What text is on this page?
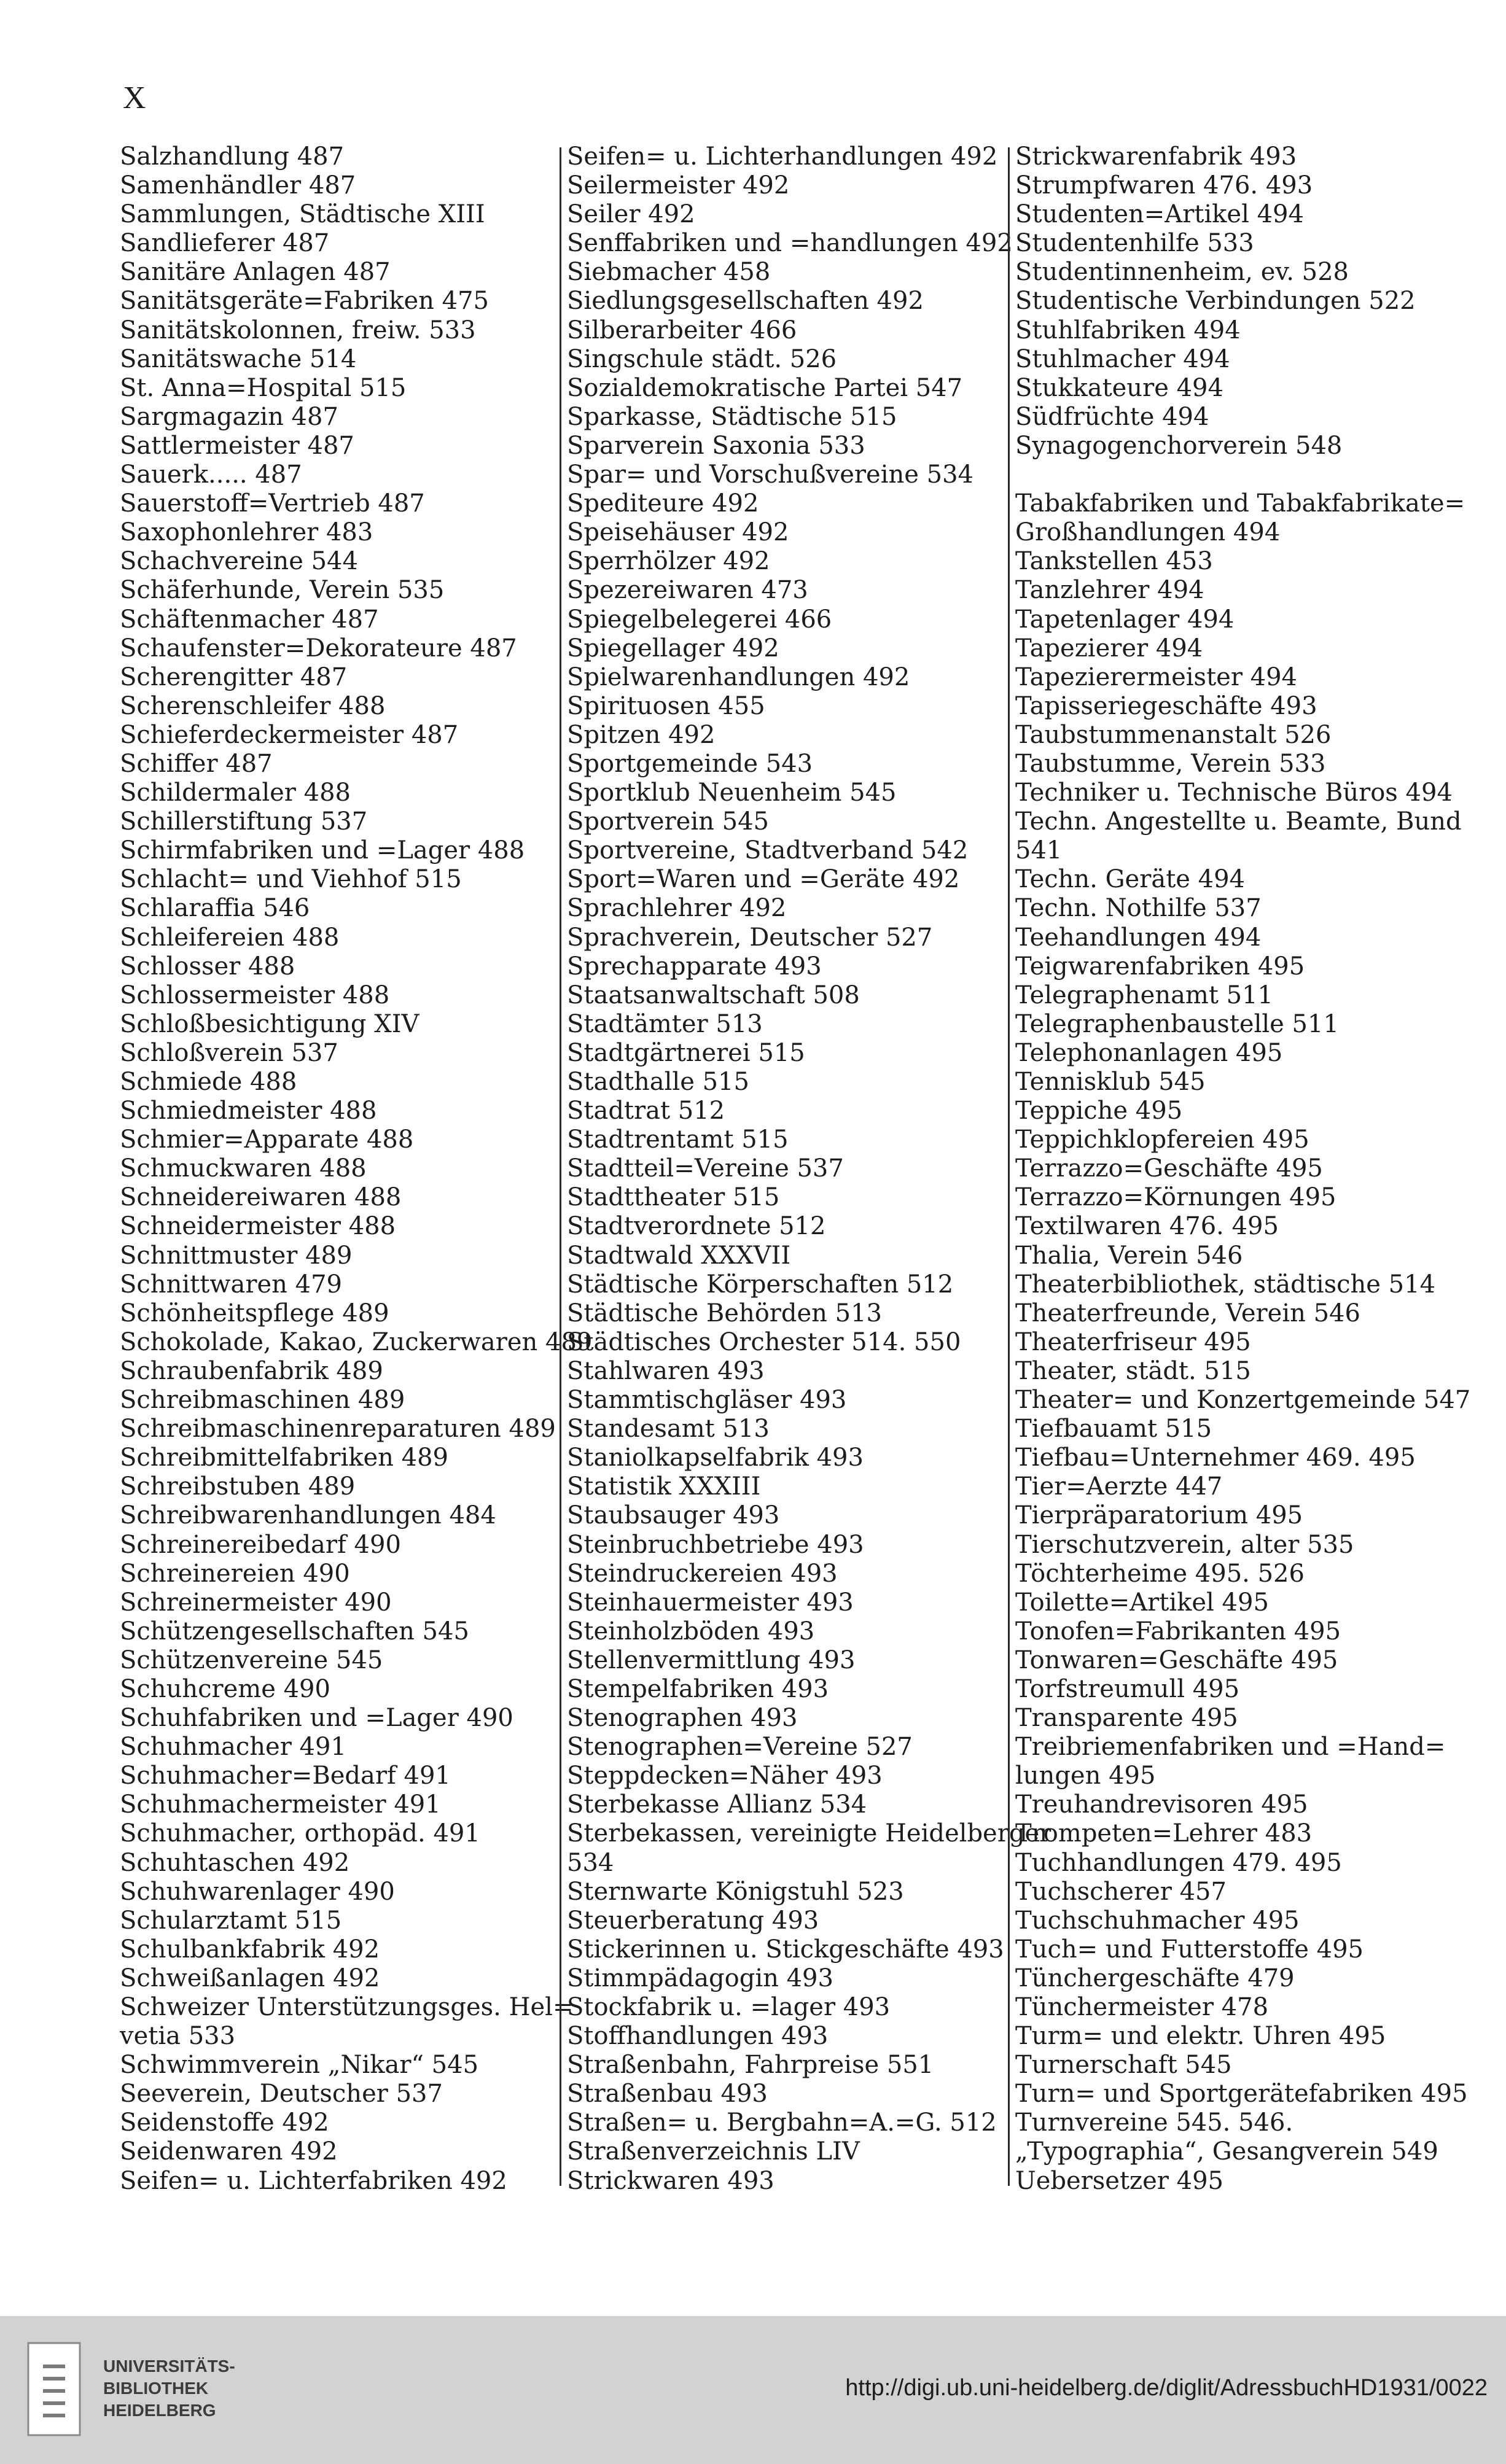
X
Salzhandlung 487
Samenhändler 487
Sammlungen, Städtische XIII
Sandlieferer 487
Sanitäre Anlagen 487
Sanitätsgeräte=Fabriken 475
Sanitätskolonnen, freiw. 533
Sanitätswache 514
St. Anna=Hospital 515
Sargmagazin 487
Sattlermeister 487
Sauerk..... 487
Sauerstoff=Vertrieb 487
Saxophonlehrer 483
Schachvereine 544
Schäferhunde, Verein 535
Schäftenmacher 487
Schaufenster=Dekorateure 487
Scherengitter 487
Scherenschleifer 488
Schieferdeckermeister 487
Schiffer 487
Schildermaler 488
Schillerstiftung 537
Schirmfabriken und =Lager 488
Schlacht= und Viehhof 515
Schlaraffia 546
Schleifereien 488
Schlosser 488
Schlossermeister 488
Schloßbesichtigung XIV
Schloßverein 537
Schmiede 488
Schmiedmeister 488
Schmier=Apparate 488
Schmuckwaren 488
Schneidereiwaren 488
Schneidermeister 488
Schnittmuster 489
Schnittwaren 479
Schönheitspflege 489
Schokolade, Kakao, Zuckerwaren 489
Schraubenfabrik 489
Schreibmaschinen 489
Schreibmaschinenreparaturen 489
Schreibmittelfabriken 489
Schreibstuben 489
Schreibwarenhandlungen 484
Schreinereibedarf 490
Schreinereien 490
Schreinermeister 490
Schützengesellschaften 545
Schützenvereine 545
Schuhcreme 490
Schuhfabriken und =Lager 490
Schuhmacher 491
Schuhmacher=Bedarf 491
Schuhmachermeister 491
Schuhmacher, orthopäd. 491
Schuhtaschen 492
Schuhwarenlager 490
Schularztamt 515
Schulbankfabrik 492
Schweißanlagen 492
Schweizer Unterstützungsges. Hel=
vetia 533
Schwimmverein „Nikar“ 545
Seeverein, Deutscher 537
Seidenstoffe 492
Seidenwaren 492
Seifen= u. Lichterfabriken 492
Seifen= u. Lichterhandlungen 492
Seilermeister 492
Seiler 492
Senffabriken und =handlungen 492
Siebmacher 458
Siedlungsgesellschaften 492
Silberarbeiter 466
Singschule städt. 526
Sozialdemokratische Partei 547
Sparkasse, Städtische 515
Sparverein Saxonia 533
Spar= und Vorschußvereine 534
Spediteure 492
Speisehäuser 492
Sperrhölzer 492
Spezereiwaren 473
Spiegelbelegerei 466
Spiegellager 492
Spielwarenhandlungen 492
Spirituosen 455
Spitzen 492
Sportgemeinde 543
Sportklub Neuenheim 545
Sportverein 545
Sportvereine, Stadtverband 542
Sport=Waren und =Geräte 492
Sprachlehrer 492
Sprachverein, Deutscher 527
Sprechapparate 493
Staatsanwaltschaft 508
Stadtämter 513
Stadtgärtnerei 515
Stadthalle 515
Stadtrat 512
Stadtrentamt 515
Stadtteil=Vereine 537
Stadttheater 515
Stadtverordnete 512
Stadtwald XXXVII
Städtische Körperschaften 512
Städtische Behörden 513
Städtisches Orchester 514. 550
Stahlwaren 493
Stammtischgläser 493
Standesamt 513
Staniolkapselfabrik 493
Statistik XXXIII
Staubsauger 493
Steinbruchbetriebe 493
Steindruckereien 493
Steinhauermeister 493
Steinholzböden 493
Stellenvermittlung 493
Stempelfabriken 493
Stenographen 493
Stenographen=Vereine 527
Steppdecken=Näher 493
Sterbekasse Allianz 534
Sterbekassen, vereinigte Heidelberger
534
Sternwarte Königstuhl 523
Steuerberatung 493
Stickerinnen u. Stickgeschäfte 493
Stimmpädagogin 493
Stockfabrik u. =lager 493
Stoffhandlungen 493
Straßenbahn, Fahrpreise 551
Straßenbau 493
Straßen= u. Bergbahn=A.=G. 512
Straßenverzeichnis LIV
Strickwaren 493
Strickwarenfabrik 493
Strumpfwaren 476. 493
Studenten=Artikel 494
Studentenhilfe 533
Studentinnenheim, ev. 528
Studentische Verbindungen 522
Stuhlfabriken 494
Stuhlmacher 494
Stukkateure 494
Südfrüchte 494
Synagogenchorverein 548
Tabakfabriken und Tabakfabrikate=
Großhandlungen 494
Tankstellen 453
Tanzlehrer 494
Tapetenlager 494
Tapezierer 494
Tapezierermeister 494
Tapisseriegeschäfte 493
Taubstummenanstalt 526
Taubstumme, Verein 533
Techniker u. Technische Büros 494
Techn. Angestellte u. Beamte, Bund
541
Techn. Geräte 494
Techn. Nothilfe 537
Teehandlungen 494
Teigwarenfabriken 495
Telegraphenamt 511
Telegraphenbaustelle 511
Telephonanlagen 495
Tennisklub 545
Teppiche 495
Teppichklopfereien 495
Terrazzo=Geschäfte 495
Terrazzo=Körnungen 495
Textilwaren 476. 495
Thalia, Verein 546
Theaterbibliothek, städtische 514
Theaterfreunde, Verein 546
Theaterfriseur 495
Theater, städt. 515
Theater= und Konzertgemeinde 547
Tiefbauamt 515
Tiefbau=Unternehmer 469. 495
Tier=Aerzte 447
Tierpräparatorium 495
Tierschutzverein, alter 535
Töchterheime 495. 526
Toilette=Artikel 495
Tonofen=Fabrikanten 495
Tonwaren=Geschäfte 495
Torfstreumull 495
Transparente 495
Treibriemenfabriken und =Hand=
lungen 495
Treuhandrevisoren 495
Trompeten=Lehrer 483
Tuchhandlungen 479. 495
Tuchscherer 457
Tuchschuhmacher 495
Tuch= und Futterstoffe 495
Tünchergeschäfte 479
Tünchermeister 478
Turm= und elektr. Uhren 495
Turnerschaft 545
Turn= und Sportgerätefabriken 495
Turnvereine 545. 546.
„Typographia“, Gesangverein 549
Uebersetzer 495
UNIVERSITÄTS-
BIBLIOTHEK
HEIDELBERG
http://digi.ub.uni-heidelberg.de/diglit/AdressbuchHD1931/0022
